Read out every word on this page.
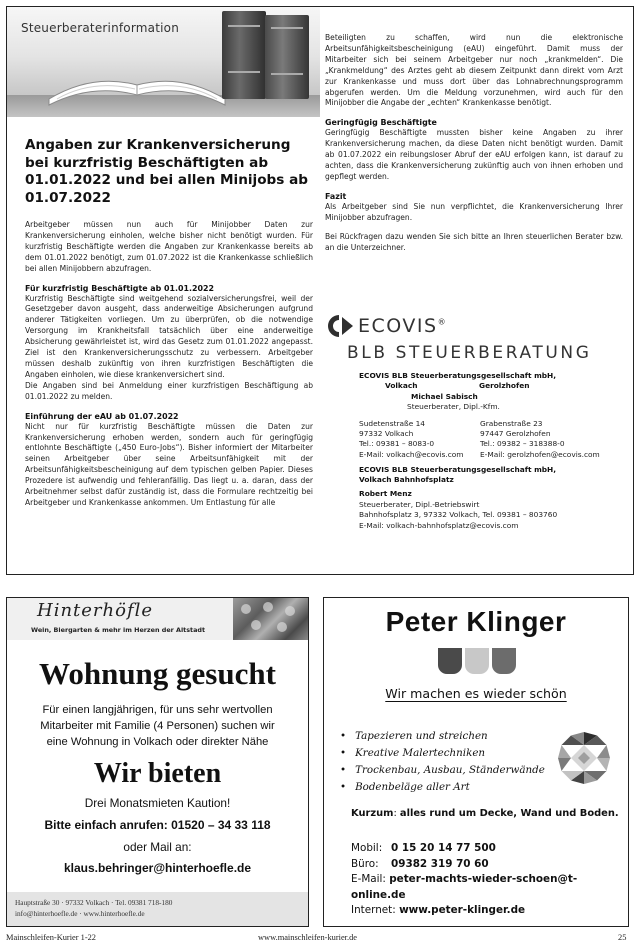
Steuerberaterinformation
Angaben zur Krankenversicherung bei kurzfristig Beschäftigten ab 01.01.2022 und bei allen Minijobs ab 01.07.2022
Arbeitgeber müssen nun auch für Minijobber Daten zur Krankenversicherung einholen, welche bisher nicht benötigt wurden. Für kurzfristig Beschäftigte werden die Angaben zur Krankenkasse bereits ab dem 01.01.2022 benötigt, zum 01.07.2022 ist die Krankenkasse schließlich bei allen Minijobbern abzufragen.
Für kurzfristig Beschäftigte ab 01.01.2022
Kurzfristig Beschäftigte sind weitgehend sozialversicherungsfrei, weil der Gesetzgeber davon ausgeht, dass anderweitige Absicherungen aufgrund anderer Tätigkeiten vorliegen. Um zu überprüfen, ob die notwendige Versorgung im Krankheitsfall tatsächlich über eine anderweitige Absicherung gewährleistet ist, wird das Gesetz zum 01.01.2022 angepasst. Ziel ist den Krankenversicherungsschutz zu verbessern. Arbeitgeber müssen deshalb zukünftig von ihren kurzfristigen Beschäftigten die Angaben einholen, wie diese krankenversichert sind.
Die Angaben sind bei Anmeldung einer kurzfristigen Beschäftigung ab 01.01.2022 zu melden.
Einführung der eAU ab 01.07.2022
Nicht nur für kurzfristig Beschäftigte müssen die Daten zur Krankenversicherung erhoben werden, sondern auch für geringfügig entlohnte Beschäftigte („450 Euro-Jobs“). Bisher informiert der Mitarbeiter seinen Arbeitgeber über seine Arbeitsunfähigkeit mit der Arbeitsunfähigkeitsbescheinigung auf dem typischen gelben Papier. Dieses Prozedere ist aufwendig und fehleranfällig. Das liegt u. a. daran, dass der Arbeitnehmer selbst dafür zuständig ist, dass die Formulare rechtzeitig bei Arbeitgeber und Krankenkasse ankommen. Um Entlastung für alle
Beteiligten zu schaffen, wird nun die elektronische Arbeitsunfähigkeitsbescheinigung (eAU) eingeführt. Damit muss der Mitarbeiter sich bei seinem Arbeitgeber nur noch „krankmelden“. Die „Krankmeldung“ des Arztes geht ab diesem Zeitpunkt dann direkt vom Arzt zur Krankenkasse und muss dort über das Lohnabrechnungsprogramm abgerufen werden. Um die Meldung vorzunehmen, wird auch für den Minijobber die Angabe der „echten“ Krankenkasse benötigt.
Geringfügig Beschäftigte
Geringfügig Beschäftigte mussten bisher keine Angaben zu ihrer Krankenversicherung machen, da diese Daten nicht benötigt wurden. Damit ab 01.07.2022 ein reibungsloser Abruf der eAU erfolgen kann, ist darauf zu achten, dass die Krankenversicherung zukünftig auch von ihnen erhoben und gepflegt werden.
Fazit
Als Arbeitgeber sind Sie nun verpflichtet, die Krankenversicherung Ihrer Minijobber abzufragen.
Bei Rückfragen dazu wenden Sie sich bitte an Ihren steuerlichen Berater bzw. an die Unterzeichner.
ECOVIS®
BLB STEUERBERATUNG
ECOVIS BLB Steuerberatungsgesellschaft mbH,
Volkach	Gerolzhofen
Michael Sabisch
Steuerberater, Dipl.-Kfm.
Sudetenstraße 14
97332 Volkach
Tel.: 09381 – 8083-0
E-Mail: volkach@ecovis.com
Grabenstraße 23
97447 Gerolzhofen
Tel.: 09382 – 318388-0
E-Mail: gerolzhofen@ecovis.com
ECOVIS BLB Steuerberatungsgesellschaft mbH,
Volkach Bahnhofsplatz
Robert Menz
Steuerberater, Dipl.-Betriebswirt
Bahnhofsplatz 3, 97332 Volkach, Tel. 09381 – 803760
E-Mail: volkach-bahnhofsplatz@ecovis.com
Hinterhöfle
Wein, Biergarten & mehr im Herzen der Altstadt
Wohnung gesucht
Für einen langjährigen, für uns sehr wertvollen
Mitarbeiter mit Familie (4 Personen) suchen wir
eine Wohnung in Volkach oder direkter Nähe
Wir bieten
Drei Monatsmieten Kaution!
Bitte einfach anrufen: 01520 – 34 33 118
oder Mail an:
klaus.behringer@hinterhoefle.de
Hauptstraße 30 · 97332 Volkach · Tel. 09381 718-180
info@hinterhoefle.de · www.hinterhoefle.de
Peter Klinger
Wir machen es wieder schön
• Tapezieren und streichen
• Kreative Malertechniken
• Trockenbau, Ausbau, Ständerwände
• Bodenbeläge aller Art
Kurzum: alles rund um Decke, Wand und Boden.
Mobil: 0 15 20 14 77 500
Büro: 09382 319 70 60
E-Mail: peter-machts-wieder-schoen@t-online.de
Internet: www.peter-klinger.de
Mainschleifen-Kurier 1-22	www.mainschleifen-kurier.de	25
